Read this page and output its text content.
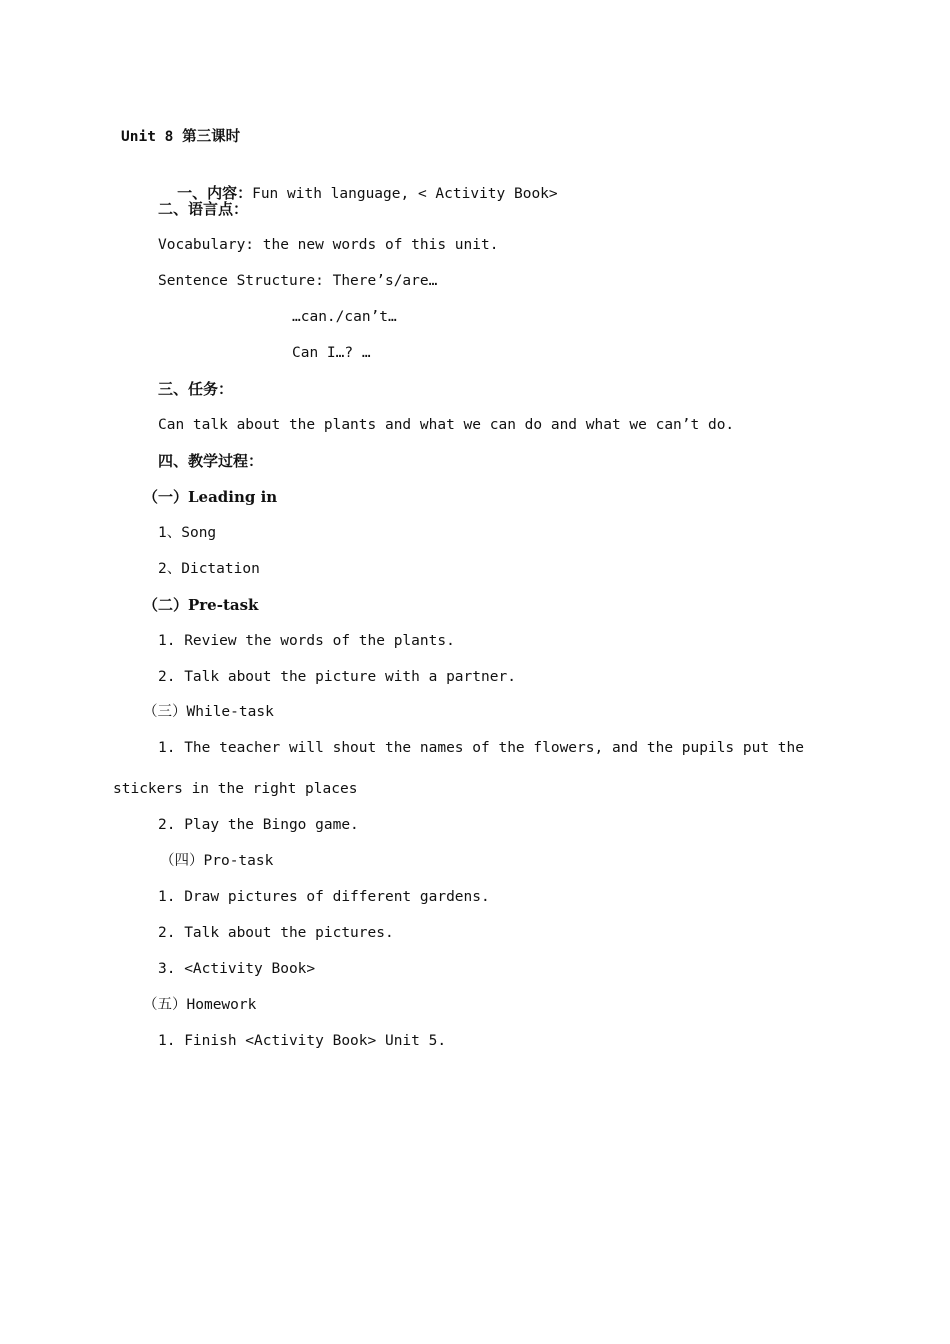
Unit 8 第三课时

一、内容：Fun with language, < Activity Book>

二、语言点：
Vocabulary: the new words of this unit.
Sentence Structure: There’s/are…
…can./can’t…
Can I…? …
三、任务：
Can talk about the plants and what we can do and what we can’t do.
四、教学过程：
（一）Leading in
1、Song
2、Dictation
（二）Pre-task
1. Review the words of the plants.
2. Talk about the picture with a partner.
（三）While-task
1. The teacher will shout the names of the flowers, and the pupils put the
stickers in the right places
2. Play the Bingo game.
（四）Pro-task
1. Draw pictures of different gardens.
2. Talk about the pictures.
3. <Activity Book>
（五）Homework
1. Finish <Activity Book> Unit 5.
